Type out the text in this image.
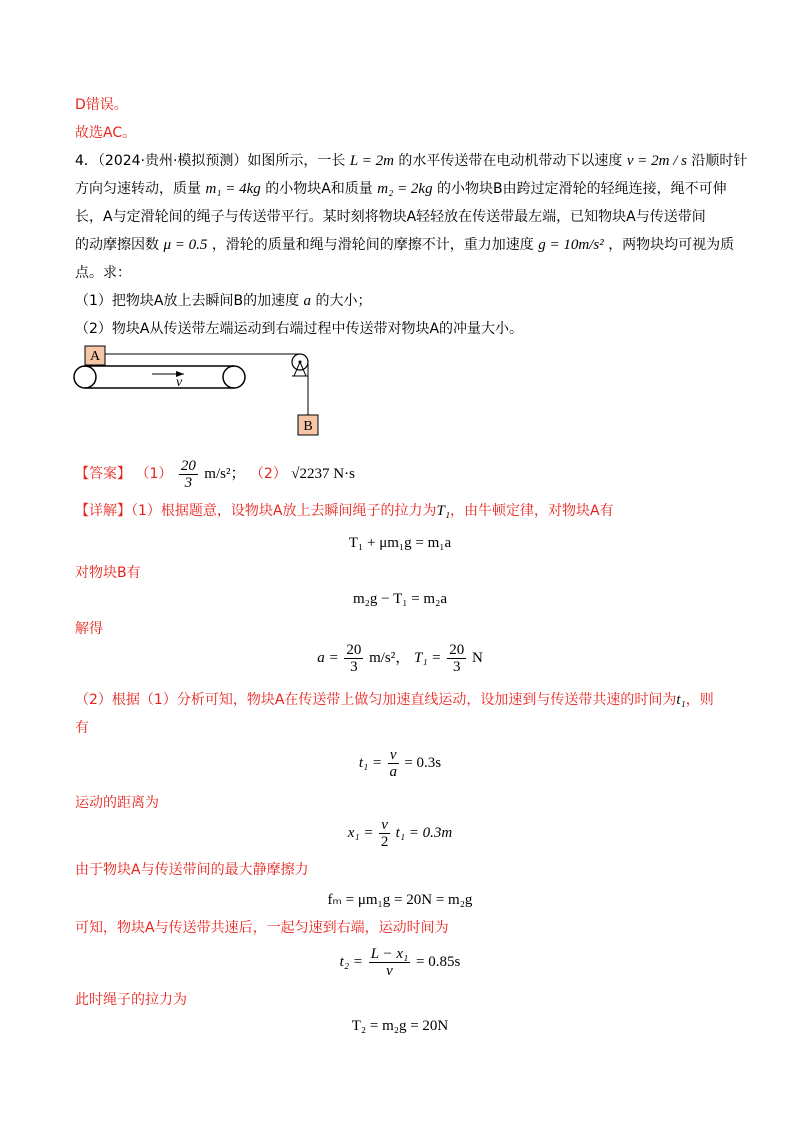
D错误。
故选AC。
4．（2024·贵州·模拟预测）如图所示，一长 L = 2m 的水平传送带在电动机带动下以速度 v = 2m / s 沿顺时针
方向匀速转动，质量 m₁ = 4kg 的小物块A和质量 m₂ = 2kg 的小物块B由跨过定滑轮的轻绳连接，绳不可伸
长，A与定滑轮间的绳子与传送带平行。某时刻将物块A轻轻放在传送带最左端，已知物块A与传送带间
的动摩擦因数 μ = 0.5 ，滑轮的质量和绳与滑轮间的摩擦不计，重力加速度 g = 10m/s² ，两物块均可视为质
点。求：
（1）把物块A放上去瞬间B的加速度 a 的大小；
（2）物块A从传送带左端运动到右端过程中传送带对物块A的冲量大小。
A
B
v
【答案】 $(1) \frac{20}{3} m/s^2$； （2） √2237 N·s
【详解】（1）根据题意，设物块A放上去瞬间绳子的拉力为T₁，由牛顿定律，对物块A有
T₁ + μm₁g = m₁a
对物块B有
m₂g − T₁ = m₂a
解得
$a = \frac{20}{3} m/s^2$， $T_1 = \frac{20}{3}$ N
（2）根据（1）分析可知，物块A在传送带上做匀加速直线运动，设加速到与传送带共速的时间为t₁，则
有
$t_1 = \frac{v}{a} = 0.3s$
运动的距离为
$x_1 = \frac{v}{2} t_1 = 0.3m$
由于物块A与传送带间的最大静摩擦力
fₘ = μm₁g = 20N = m₂g
可知，物块A与传送带共速后，一起匀速到右端，运动时间为
$t_2 = \frac{\text{L − x₁}}{v} = 0.85s$
此时绳子的拉力为
T₂ = m₂g = 20N
